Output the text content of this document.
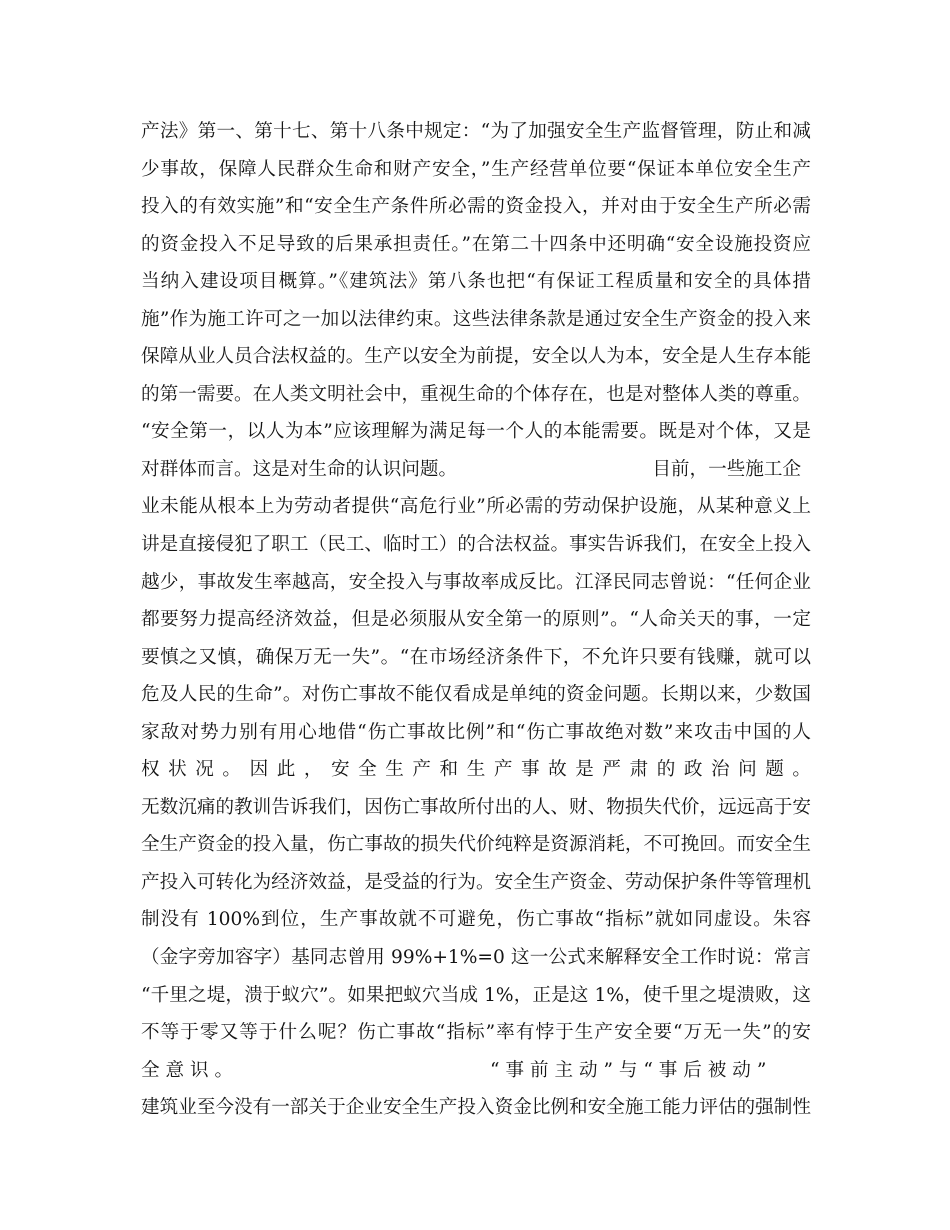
产法》第一、第十七、第十八条中规定：“为了加强安全生产监督管理，防止和减
少事故，保障人民群众生命和财产安全，”生产经营单位要“保证本单位安全生产
投入的有效实施”和“安全生产条件所必需的资金投入，并对由于安全生产所必需
的资金投入不足导致的后果承担责任。”在第二十四条中还明确“安全设施投资应
当纳入建设项目概算。”《建筑法》第八条也把“有保证工程质量和安全的具体措
施”作为施工许可之一加以法律约束。这些法律条款是通过安全生产资金的投入来
保障从业人员合法权益的。生产以安全为前提，安全以人为本，安全是人生存本能
的第一需要。在人类文明社会中，重视生命的个体存在，也是对整体人类的尊重。
“安全第一，以人为本”应该理解为满足每一个人的本能需要。既是对个体，又是
对群体而言。这是对生命的认识问题。　　　　　　　　　　　目前，一些施工企
业未能从根本上为劳动者提供“高危行业”所必需的劳动保护设施，从某种意义上
讲是直接侵犯了职工（民工、临时工）的合法权益。事实告诉我们，在安全上投入
越少，事故发生率越高，安全投入与事故率成反比。江泽民同志曾说：“任何企业
都要努力提高经济效益，但是必须服从安全第一的原则”。“人命关天的事，一定
要慎之又慎，确保万无一失”。“在市场经济条件下，不允许只要有钱赚，就可以
危及人民的生命”。对伤亡事故不能仅看成是单纯的资金问题。长期以来，少数国
家敌对势力别有用心地借“伤亡事故比例”和“伤亡事故绝对数”来攻击中国的人
权 状 况 。 因 此 ， 安 全 生 产 和 生 产 事 故 是 严 肃 的 政 治 问 题 。
无数沉痛的教训告诉我们，因伤亡事故所付出的人、财、物损失代价，远远高于安
全生产资金的投入量，伤亡事故的损失代价纯粹是资源消耗，不可挽回。而安全生
产投入可转化为经济效益，是受益的行为。安全生产资金、劳动保护条件等管理机
制没有 100%到位，生产事故就不可避免，伤亡事故“指标”就如同虚设。朱容
（金字旁加容字）基同志曾用 99%+1%=0 这一公式来解释安全工作时说：常言
“千里之堤，溃于蚁穴”。如果把蚁穴当成 1%，正是这 1%，使千里之堤溃败，这
不等于零又等于什么呢？伤亡事故“指标”率有悖于生产安全要“万无一失”的安
全 意 识 。　　　　　　　　　　　　　　 “ 事 前 主 动 ” 与 “ 事 后 被 动 ”
建筑业至今没有一部关于企业安全生产投入资金比例和安全施工能力评估的强制性
